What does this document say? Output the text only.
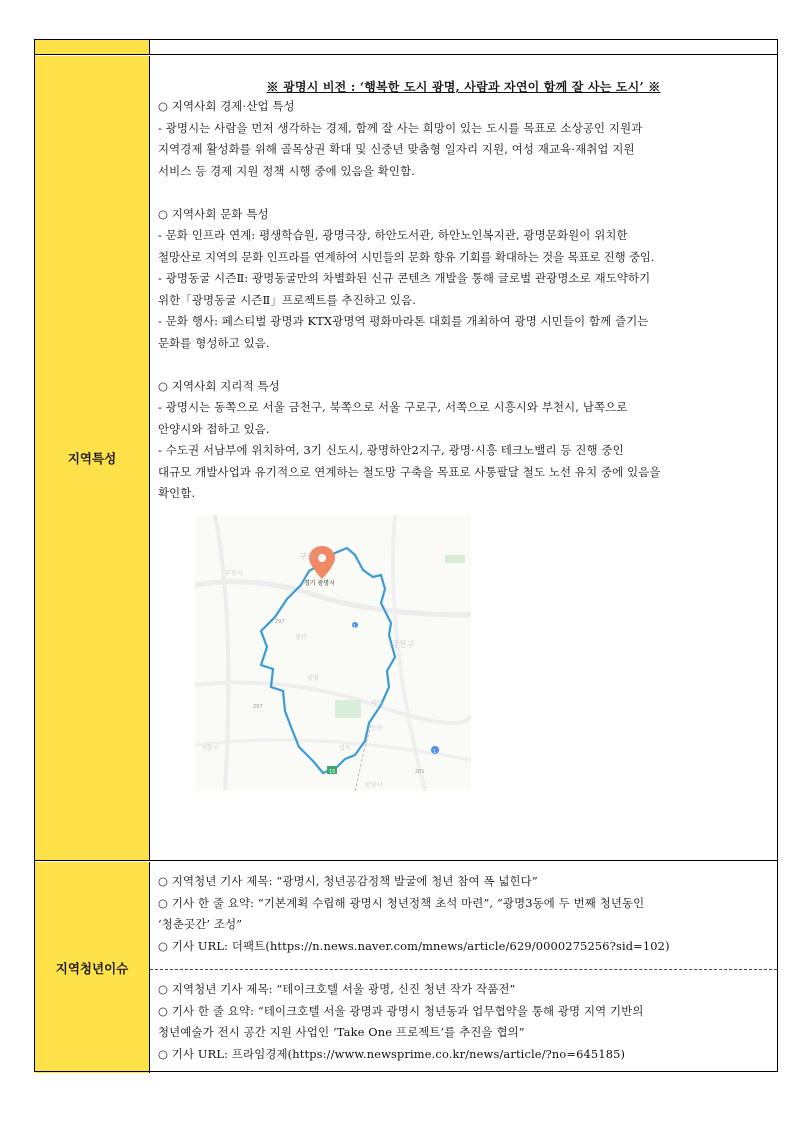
지역특성
※ 광명시 비전 : ‘행복한 도시 광명, 사람과 자연이 함께 잘 사는 도시’ ※
○ 지역사회 경제·산업 특성
- 광명시는 사람을 먼저 생각하는 경제, 함께 잘 사는 희망이 있는 도시를 목표로 소상공인 지원과
지역경제 활성화를 위해 골목상권 확대 및 신중년 맞춤형 일자리 지원, 여성 재교육·재취업 지원
서비스 등 경제 지원 정책 시행 중에 있음을 확인함.
○ 지역사회 문화 특성
- 문화 인프라 연계: 평생학습원, 광명극장, 하안도서관, 하안노인복지관, 광명문화원이 위치한
철망산로 지역의 문화 인프라를 연계하여 시민들의 문화 향유 기회를 확대하는 것을 목표로 진행 중임.
- 광명동굴 시즌Ⅱ: 광명동굴만의 차별화된 신규 콘텐츠 개발을 통해 글로벌 관광명소로 재도약하기
위한「광명동굴 시즌Ⅱ」프로젝트를 추진하고 있음.
- 문화 행사: 페스티벌 광명과 KTX광명역 평화마라톤 대회를 개최하여 광명 시민들이 함께 즐기는
문화를 형성하고 있음.
○ 지역사회 지리적 특성
- 광명시는 동쪽으로 서울 금천구, 북쪽으로 서울 구로구, 서쪽으로 시흥시와 부천시, 남쪽으로
안양시와 접하고 있음.
- 수도권 서남부에 위치하여, 3기 신도시, 광명하안2지구, 광명·시흥 테크노밸리 등 진행 중인
대규모 개발사업과 유기적으로 연계하는 철도망 구축을 목표로 사통팔달 철도 노선 유치 중에 있음을
확인함.
경기 광명시
구로구
금천구
안양시
부천시
시흥시
광명
철산
하안
소하
일직
297
297
15	201
1
1
지역청년이슈
○ 지역청년 기사 제목: “광명시, 청년공감정책 발굴에 청년 참여 폭 넓힌다”
○ 기사 한 줄 요약: “기본계획 수립해 광명시 청년정책 초석 마련”, “광명3동에 두 번째 청년동인
‘청춘곳간’ 조성”
○ 기사 URL: 더팩트(https://n.news.naver.com/mnews/article/629/0000275256?sid=102)
○ 지역청년 기사 제목: “테이크호텔 서울 광명, 신진 청년 작가 작품전”
○ 기사 한 줄 요약: “테이크호텔 서울 광명과 광명시 청년동과 업무협약을 통해 광명 지역 기반의
청년예술가 전시 공간 지원 사업인 ‘Take One 프로젝트’를 추진을 협의”
○ 기사 URL: 프라임경제(https://www.newsprime.co.kr/news/article/?no=645185)
